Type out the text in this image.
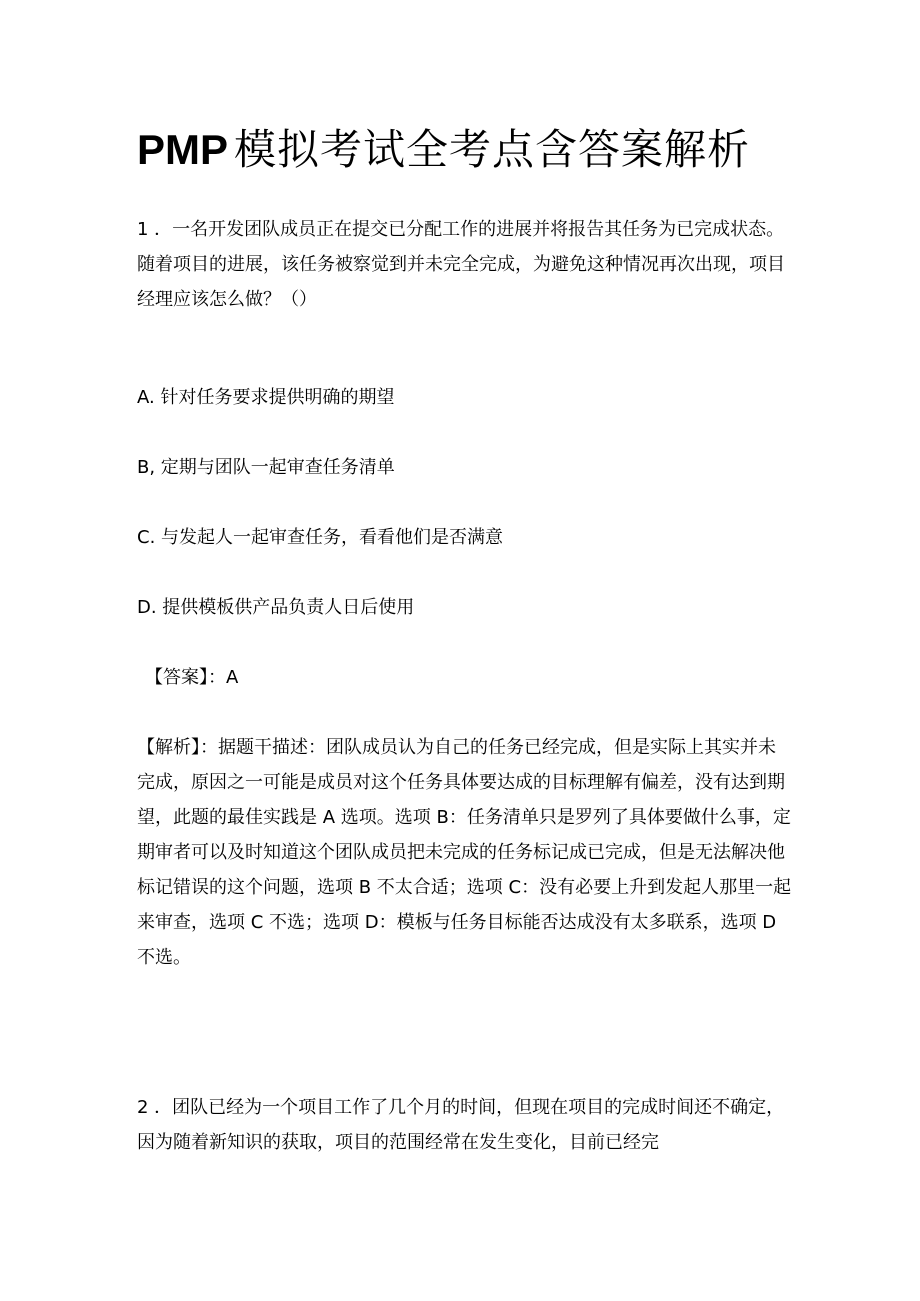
PMP 模拟考试全考点含答案解析

1 ．一名开发团队成员正在提交已分配工作的进展并将报告其任务为已完成状态。随着项目的进展，该任务被察觉到并未完全完成，为避免这种情况再次出现，项目经理应该怎么做？（）

A. 针对任务要求提供明确的期望

B, 定期与团队一起审查任务清单

C. 与发起人一起审查任务，看看他们是否满意

D. 提供模板供产品负责人日后使用

【答案】：A

【解析】：据题干描述：团队成员认为自己的任务已经完成，但是实际上其实并未完成，原因之一可能是成员对这个任务具体要达成的目标理解有偏差，没有达到期望，此题的最佳实践是 A 选项。选项 B：任务清单只是罗列了具体要做什么事，定期审者可以及时知道这个团队成员把未完成的任务标记成已完成，但是无法解决他标记错误的这个问题，选项 B 不太合适；选项 C：没有必要上升到发起人那里一起来审查，选项 C 不选；选项 D：模板与任务目标能否达成没有太多联系，选项 D 不选。

2 ．团队已经为一个项目工作了几个月的时间，但现在项目的完成时间还不确定，因为随着新知识的获取，项目的范围经常在发生变化，目前已经完
